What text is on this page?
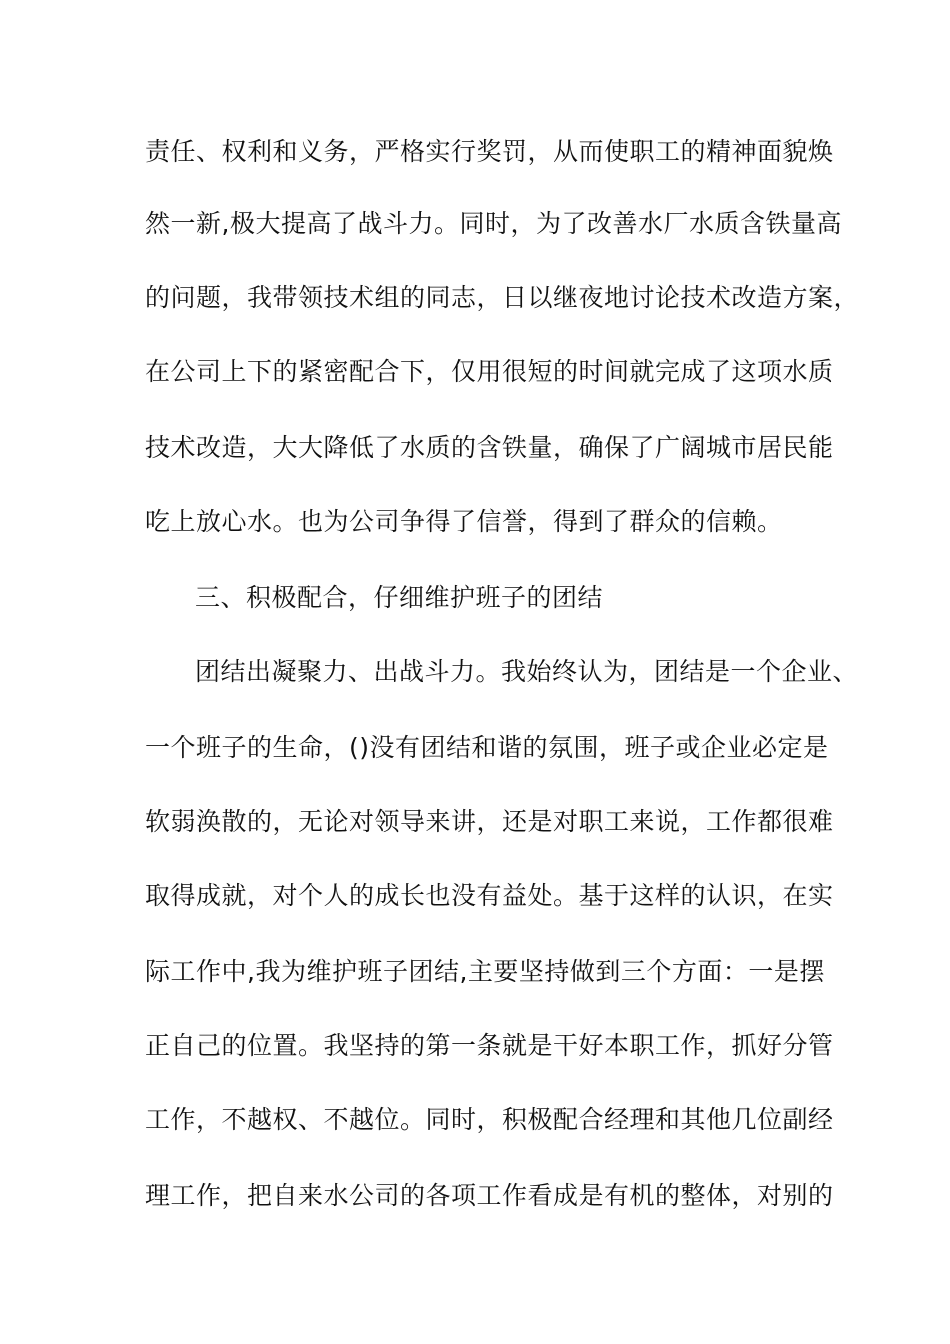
责任、权利和义务，严格实行奖罚，从而使职工的精神面貌焕
然一新,极大提高了战斗力。同时，为了改善水厂水质含铁量高
的问题，我带领技术组的同志，日以继夜地讨论技术改造方案，
在公司上下的紧密配合下，仅用很短的时间就完成了这项水质
技术改造，大大降低了水质的含铁量，确保了广阔城市居民能
吃上放心水。也为公司争得了信誉，得到了群众的信赖。
三、积极配合，仔细维护班子的团结
团结出凝聚力、出战斗力。我始终认为，团结是一个企业、
一个班子的生命，()没有团结和谐的氛围，班子或企业必定是
软弱涣散的，无论对领导来讲，还是对职工来说，工作都很难
取得成就，对个人的成长也没有益处。基于这样的认识，在实
际工作中,我为维护班子团结,主要坚持做到三个方面：一是摆
正自己的位置。我坚持的第一条就是干好本职工作，抓好分管
工作，不越权、不越位。同时，积极配合经理和其他几位副经
理工作，把自来水公司的各项工作看成是有机的整体，对别的
